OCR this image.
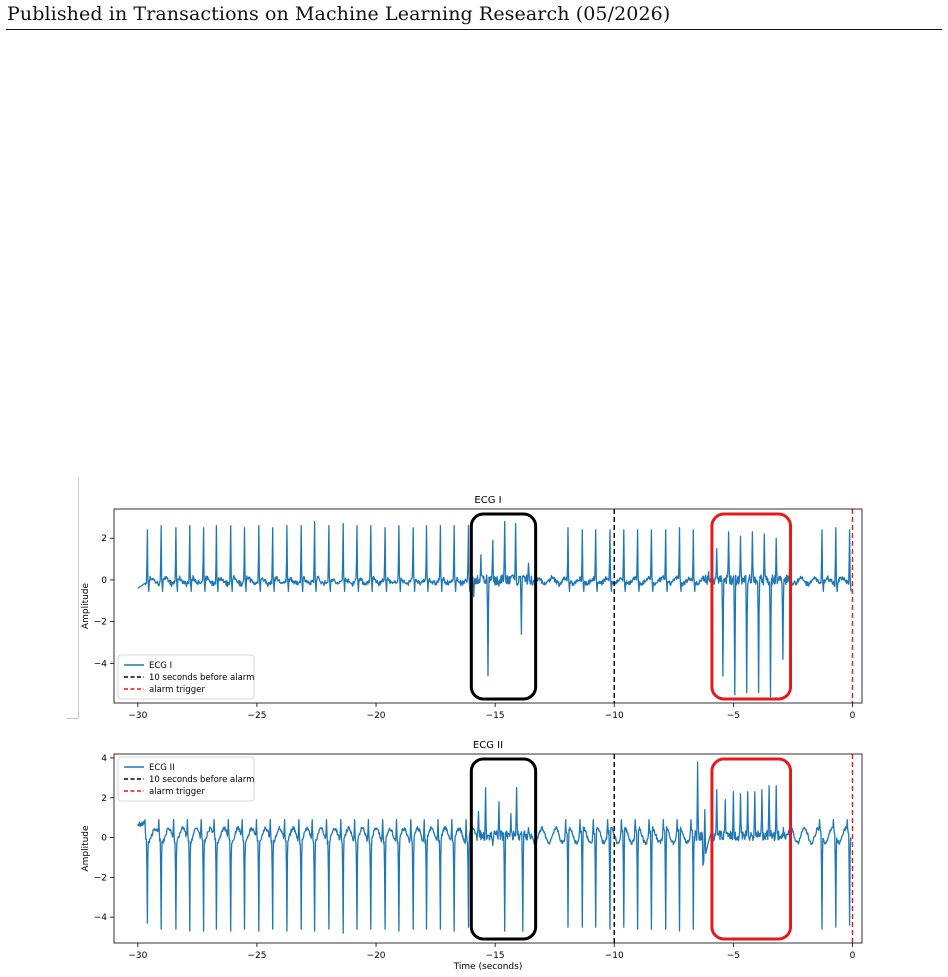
Published in Transactions on Machine Learning Research (05/2026)
−30	−25	−20	−15	−10	−5	0
−4
−2
0
2
ECG I
Amplitude
ECG I
10 seconds before alarm
alarm trigger
−30	−25	−20	−15	−10	−5	0
−4
−2
0
2
4
ECG II
Amplitude
Time (seconds)
ECG II
10 seconds before alarm
alarm trigger
